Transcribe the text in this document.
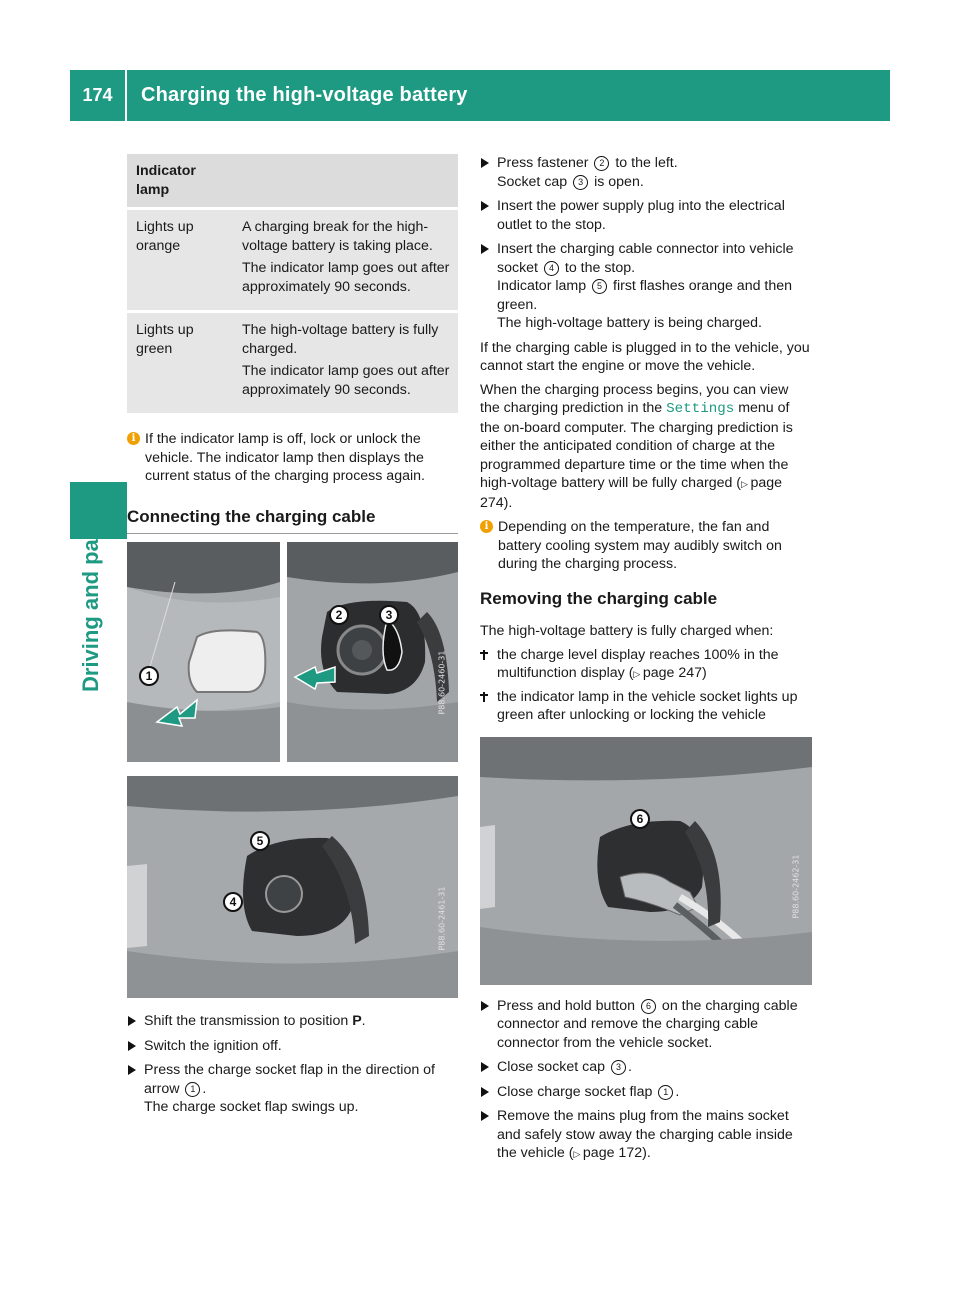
174	Charging the high-voltage battery
Driving and parking
Indicator lamp	
Lights up orange	A charging break for the high-voltage battery is taking place.

The indicator lamp goes out after approximately 90 seconds.

Lights up green	The high-voltage battery is fully charged.

The indicator lamp goes out after approximately 90 seconds.

i If the indicator lamp is off, lock or unlock the vehicle. The indicator lamp then displays the current status of the charging process again.
Connecting the charging cable
1
2	3
P88.60-2460-31
5
4	P88.60-2461-31
Shift the transmission to position P.
Switch the ignition off.
Press the charge socket flap in the direction of arrow 1 .
The charge socket flap swings up.
Press fastener 2 to the left.
Socket cap 3 is open.
Insert the power supply plug into the electrical outlet to the stop.
Insert the charging cable connector into vehicle socket 4 to the stop.
Indicator lamp 5 first flashes orange and then green.
The high-voltage battery is being charged.

If the charging cable is plugged in to the vehicle, you cannot start the engine or move the vehicle.

When the charging process begins, you can view the charging prediction in the Settings menu of the on-board computer. The charging prediction is either the anticipated condition of charge at the programmed departure time or the time when the high-voltage battery will be fully charged (▷ page 274).

i Depending on the temperature, the fan and battery cooling system may audibly switch on during the charging process.
Removing the charging cable

The high-voltage battery is fully charged when:

the charge level display reaches 100% in the multifunction display (▷ page 247)
the indicator lamp in the vehicle socket lights up green after unlocking or locking the vehicle
6
P88.60-2462-31
Press and hold button 6 on the charging cable connector and remove the charging cable connector from the vehicle socket.
Close socket cap 3 .
Close charge socket flap 1 .
Remove the mains plug from the mains socket and safely stow away the charging cable inside the vehicle (▷ page 172).
